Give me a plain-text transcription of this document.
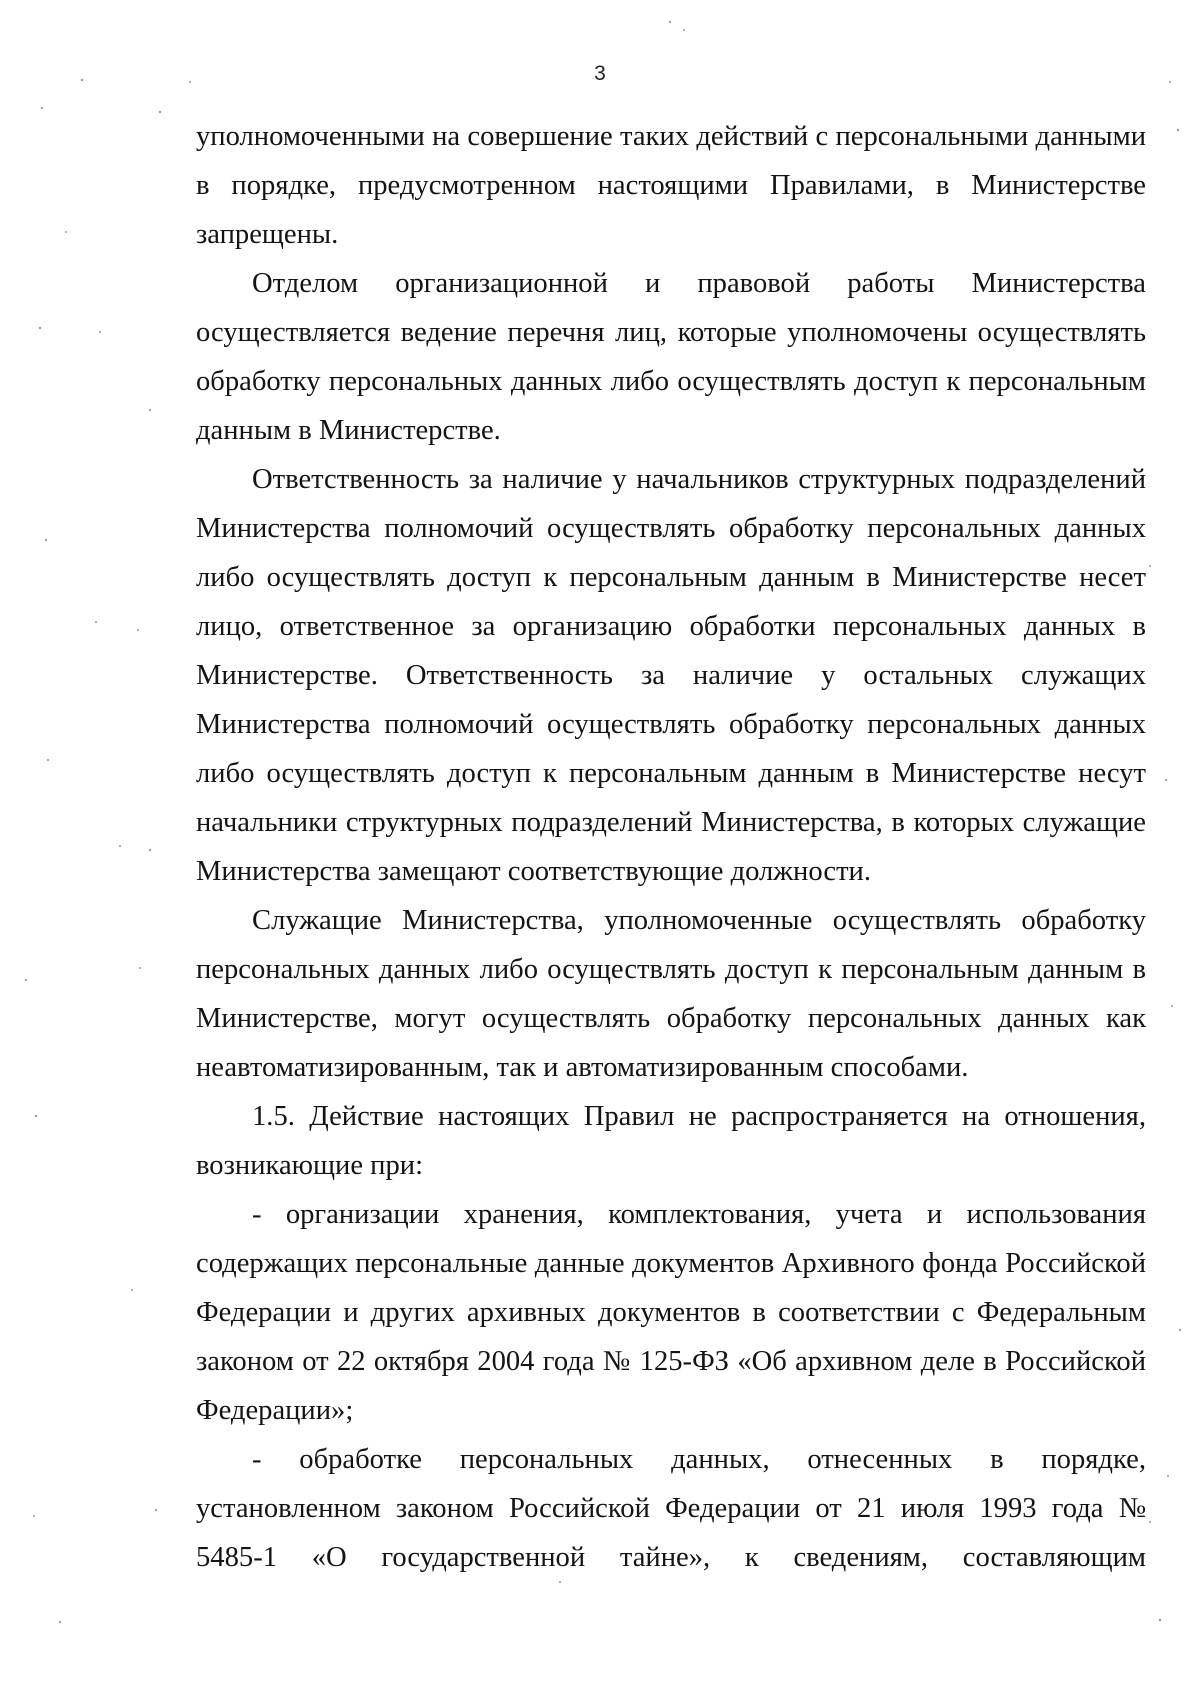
3

уполномоченными на совершение таких действий с персональными данными в порядке, предусмотренном настоящими Правилами, в Министерстве запрещены.

Отделом организационной и правовой работы Министерства осуществляется ведение перечня лиц, которые уполномочены осуществлять обработку персональных данных либо осуществлять доступ к персональным данным в Министерстве.

Ответственность за наличие у начальников структурных подразделений Министерства полномочий осуществлять обработку персональных данных либо осуществлять доступ к персональным данным в Министерстве несет лицо, ответственное за организацию обработки персональных данных в Министерстве. Ответственность за наличие у остальных служащих Министерства полномочий осуществлять обработку персональных данных либо осуществлять доступ к персональным данным в Министерстве несут начальники структурных подразделений Министерства, в которых служащие Министерства замещают соответствующие должности.

Служащие Министерства, уполномоченные осуществлять обработку персональных данных либо осуществлять доступ к персональным данным в Министерстве, могут осуществлять обработку персональных данных как неавтоматизированным, так и автоматизированным способами.

1.5. Действие настоящих Правил не распространяется на отношения, возникающие при:

- организации хранения, комплектования, учета и использования содержащих персональные данные документов Архивного фонда Российской Федерации и других архивных документов в соответствии с Федеральным законом от 22 октября 2004 года № 125-ФЗ «Об архивном деле в Российской Федерации»;

- обработке персональных данных, отнесенных в порядке, установленном законом Российской Федерации от 21 июля 1993 года № 5485-1 «О государственной тайне», к сведениям, составляющим
